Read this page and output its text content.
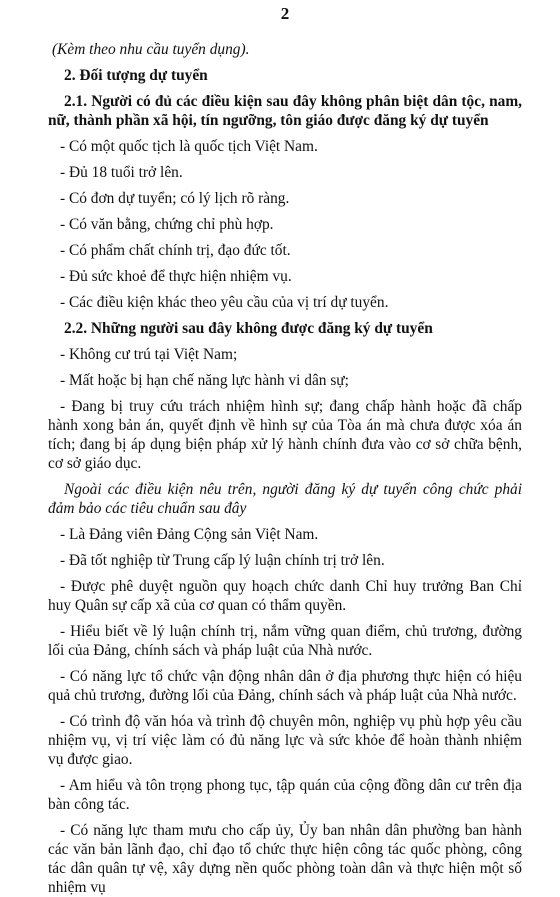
2

(Kèm theo nhu cầu tuyển dụng).

2. Đối tượng dự tuyển

2.1. Người có đủ các điều kiện sau đây không phân biệt dân tộc, nam, nữ, thành phần xã hội, tín ngưỡng, tôn giáo được đăng ký dự tuyển

- Có một quốc tịch là quốc tịch Việt Nam.

- Đủ 18 tuổi trở lên.

- Có đơn dự tuyển; có lý lịch rõ ràng.

- Có văn bằng, chứng chỉ phù hợp.

- Có phẩm chất chính trị, đạo đức tốt.

- Đủ sức khoẻ để thực hiện nhiệm vụ.

- Các điều kiện khác theo yêu cầu của vị trí dự tuyển.

2.2. Những người sau đây không được đăng ký dự tuyển

- Không cư trú tại Việt Nam;

- Mất hoặc bị hạn chế năng lực hành vi dân sự;

- Đang bị truy cứu trách nhiệm hình sự; đang chấp hành hoặc đã chấp hành xong bản án, quyết định về hình sự của Tòa án mà chưa được xóa án tích; đang bị áp dụng biện pháp xử lý hành chính đưa vào cơ sở chữa bệnh, cơ sở giáo dục.

Ngoài các điều kiện nêu trên, người đăng ký dự tuyển công chức phải đảm bảo các tiêu chuẩn sau đây

- Là Đảng viên Đảng Cộng sản Việt Nam.

- Đã tốt nghiệp từ Trung cấp lý luận chính trị trở lên.

- Được phê duyệt nguồn quy hoạch chức danh Chỉ huy trưởng Ban Chỉ huy Quân sự cấp xã của cơ quan có thẩm quyền.

- Hiểu biết về lý luận chính trị, nắm vững quan điểm, chủ trương, đường lối của Đảng, chính sách và pháp luật của Nhà nước.

- Có năng lực tổ chức vận động nhân dân ở địa phương thực hiện có hiệu quả chủ trương, đường lối của Đảng, chính sách và pháp luật của Nhà nước.

- Có trình độ văn hóa và trình độ chuyên môn, nghiệp vụ phù hợp yêu cầu nhiệm vụ, vị trí việc làm có đủ năng lực và sức khỏe để hoàn thành nhiệm vụ được giao.

- Am hiểu và tôn trọng phong tục, tập quán của cộng đồng dân cư trên địa bàn công tác.

- Có năng lực tham mưu cho cấp ủy, Ủy ban nhân dân phường ban hành các văn bản lãnh đạo, chỉ đạo tổ chức thực hiện công tác quốc phòng, công tác dân quân tự vệ, xây dựng nền quốc phòng toàn dân và thực hiện một số nhiệm vụ
